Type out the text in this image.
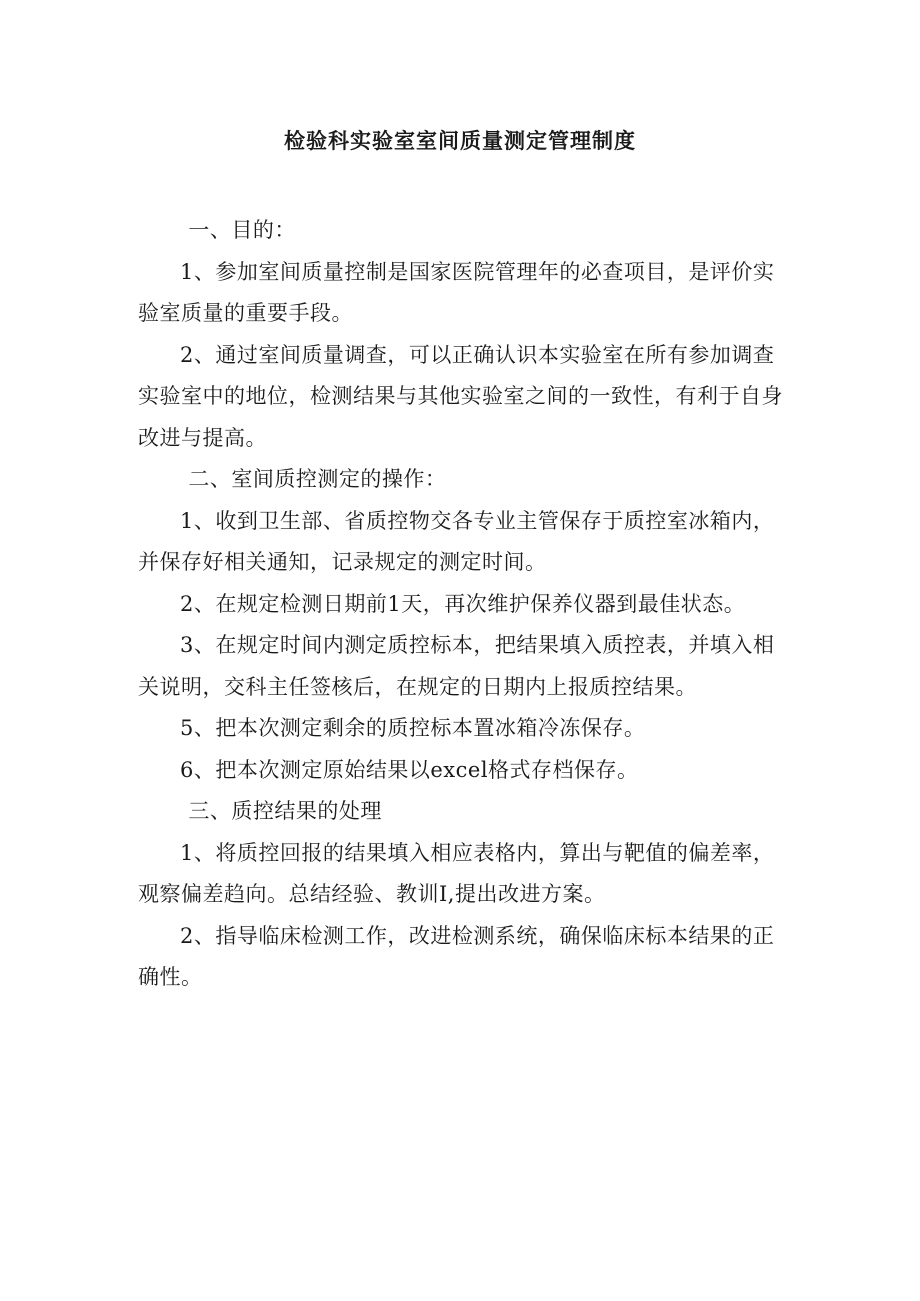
检验科实验室室间质量测定管理制度

一、目的：

1、参加室间质量控制是国家医院管理年的必查项目，是评价实验室质量的重要手段。

2、通过室间质量调查，可以正确认识本实验室在所有参加调查实验室中的地位，检测结果与其他实验室之间的一致性，有利于自身改进与提高。

二、室间质控测定的操作：

1、收到卫生部、省质控物交各专业主管保存于质控室冰箱内，并保存好相关通知，记录规定的测定时间。

2、在规定检测日期前1天，再次维护保养仪器到最佳状态。

3、在规定时间内测定质控标本，把结果填入质控表，并填入相关说明，交科主任签核后，在规定的日期内上报质控结果。

5、把本次测定剩余的质控标本置冰箱冷冻保存。

6、把本次测定原始结果以excel格式存档保存。

三、质控结果的处理

1、将质控回报的结果填入相应表格内，算出与靶值的偏差率，观察偏差趋向。总结经验、教训I,提出改进方案。

2、指导临床检测工作，改进检测系统，确保临床标本结果的正确性。
